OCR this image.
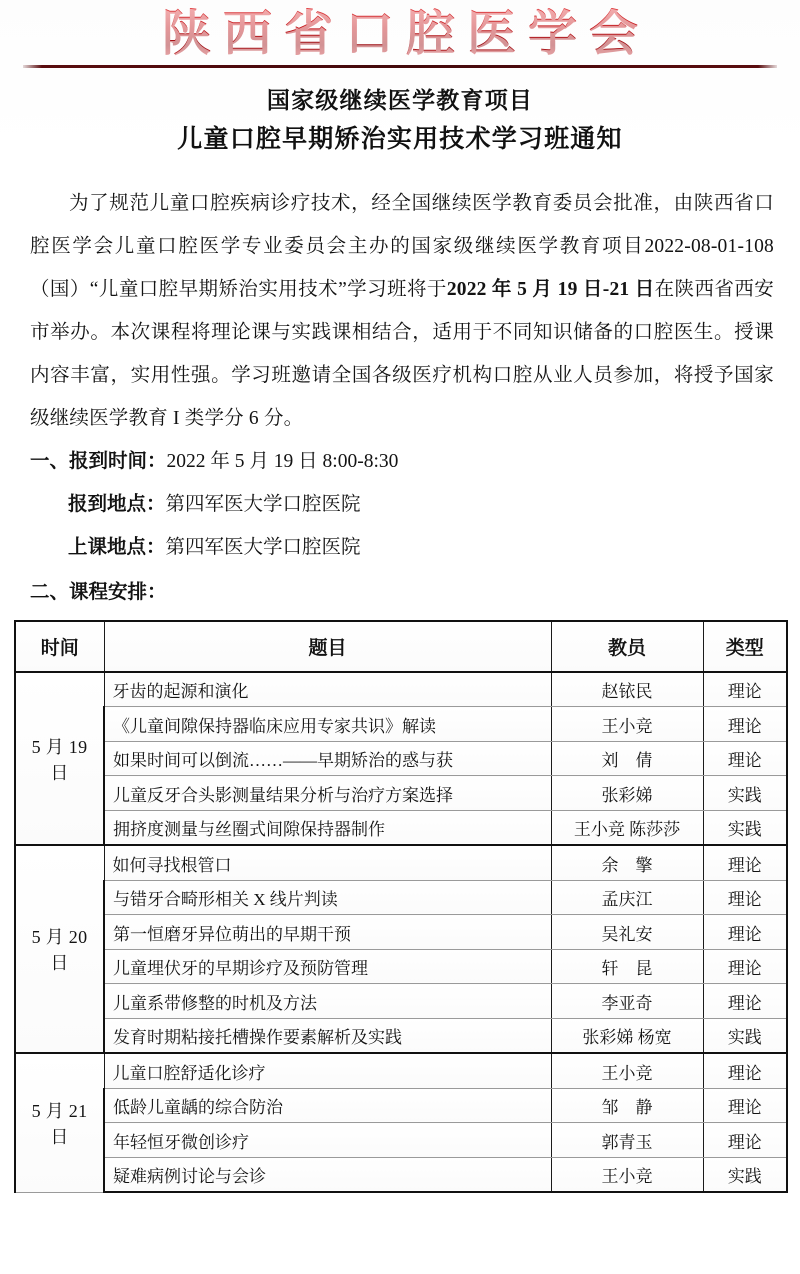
陕西省口腔医学会
国家级继续医学教育项目
儿童口腔早期矫治实用技术学习班通知
为了规范儿童口腔疾病诊疗技术，经全国继续医学教育委员会批准，由陕西省口腔医学会儿童口腔医学专业委员会主办的国家级继续医学教育项目2022-08-01-108（国）“儿童口腔早期矫治实用技术”学习班将于2022 年 5 月 19 日-21 日在陕西省西安市举办。本次课程将理论课与实践课相结合，适用于不同知识储备的口腔医生。授课内容丰富，实用性强。学习班邀请全国各级医疗机构口腔从业人员参加，将授予国家级继续医学教育 I 类学分 6 分。
一、报到时间：2022 年 5 月 19 日 8:00-8:30
报到地点：第四军医大学口腔医院
上课地点：第四军医大学口腔医院
二、课程安排：
时间	题目	教员	类型
5 月 19 日	牙齿的起源和演化	赵铱民	理论
	《儿童间隙保持器临床应用专家共识》解读	王小竞	理论
	如果时间可以倒流……——早期矫治的惑与获	刘　倩	理论
	儿童反牙合头影测量结果分析与治疗方案选择	张彩娣	实践
	拥挤度测量与丝圈式间隙保持器制作	王小竞 陈莎莎	实践
5 月 20 日	如何寻找根管口	余　擎	理论
	与错牙合畸形相关 X 线片判读	孟庆江	理论
	第一恒磨牙异位萌出的早期干预	吴礼安	理论
	儿童埋伏牙的早期诊疗及预防管理	轩　昆	理论
	儿童系带修整的时机及方法	李亚奇	理论
	发育时期粘接托槽操作要素解析及实践	张彩娣 杨宽	实践
5 月 21 日	儿童口腔舒适化诊疗	王小竞	理论
	低龄儿童龋的综合防治	邹　静	理论
	年轻恒牙微创诊疗	郭青玉	理论
	疑难病例讨论与会诊	王小竞	实践
